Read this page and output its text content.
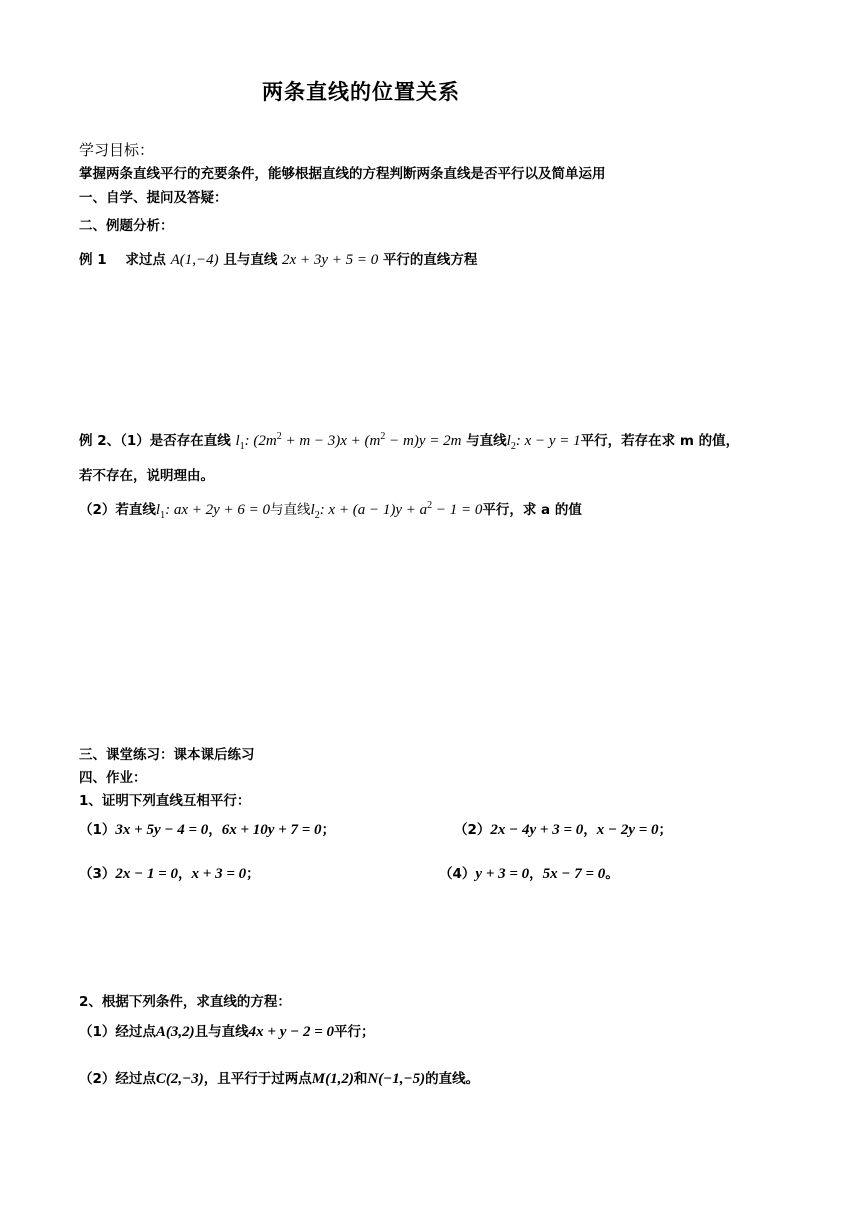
两条直线的位置关系
学习目标：
掌握两条直线平行的充要条件，能够根据直线的方程判断两条直线是否平行以及简单运用
一、自学、提问及答疑：
二、例题分析：
例 1 求过点 A(1,−4) 且与直线 2x + 3y + 5 = 0 平行的直线方程
例 2、（1）是否存在直线 $l_1$: $(2m^2 + m - 3)x + (m^2 - m)y = 2m$ 与直线$l_2$: x − y = 1平行，若存在求 m 的值，
若不存在，说明理由。
（2）若直线$l_1$: ax + 2y + 6 = 0与直线$l_2$: $x + (a - 1)y + a^2 - 1 = 0$平行，求 a 的值
三、课堂练习：课本课后练习
四、作业：
1、证明下列直线互相平行：
（1）3x + 5y − 4 = 0，6x + 10y + 7 = 0；	（2）2x − 4y + 3 = 0，x − 2y = 0；
（3）2x − 1 = 0，x + 3 = 0；	（4）y + 3 = 0，5x − 7 = 0。
2、根据下列条件，求直线的方程：
（1）经过点A(3,2)且与直线4x + y − 2 = 0平行；
（2）经过点C(2,−3)，且平行于过两点M(1,2)和N(−1,−5)的直线。
